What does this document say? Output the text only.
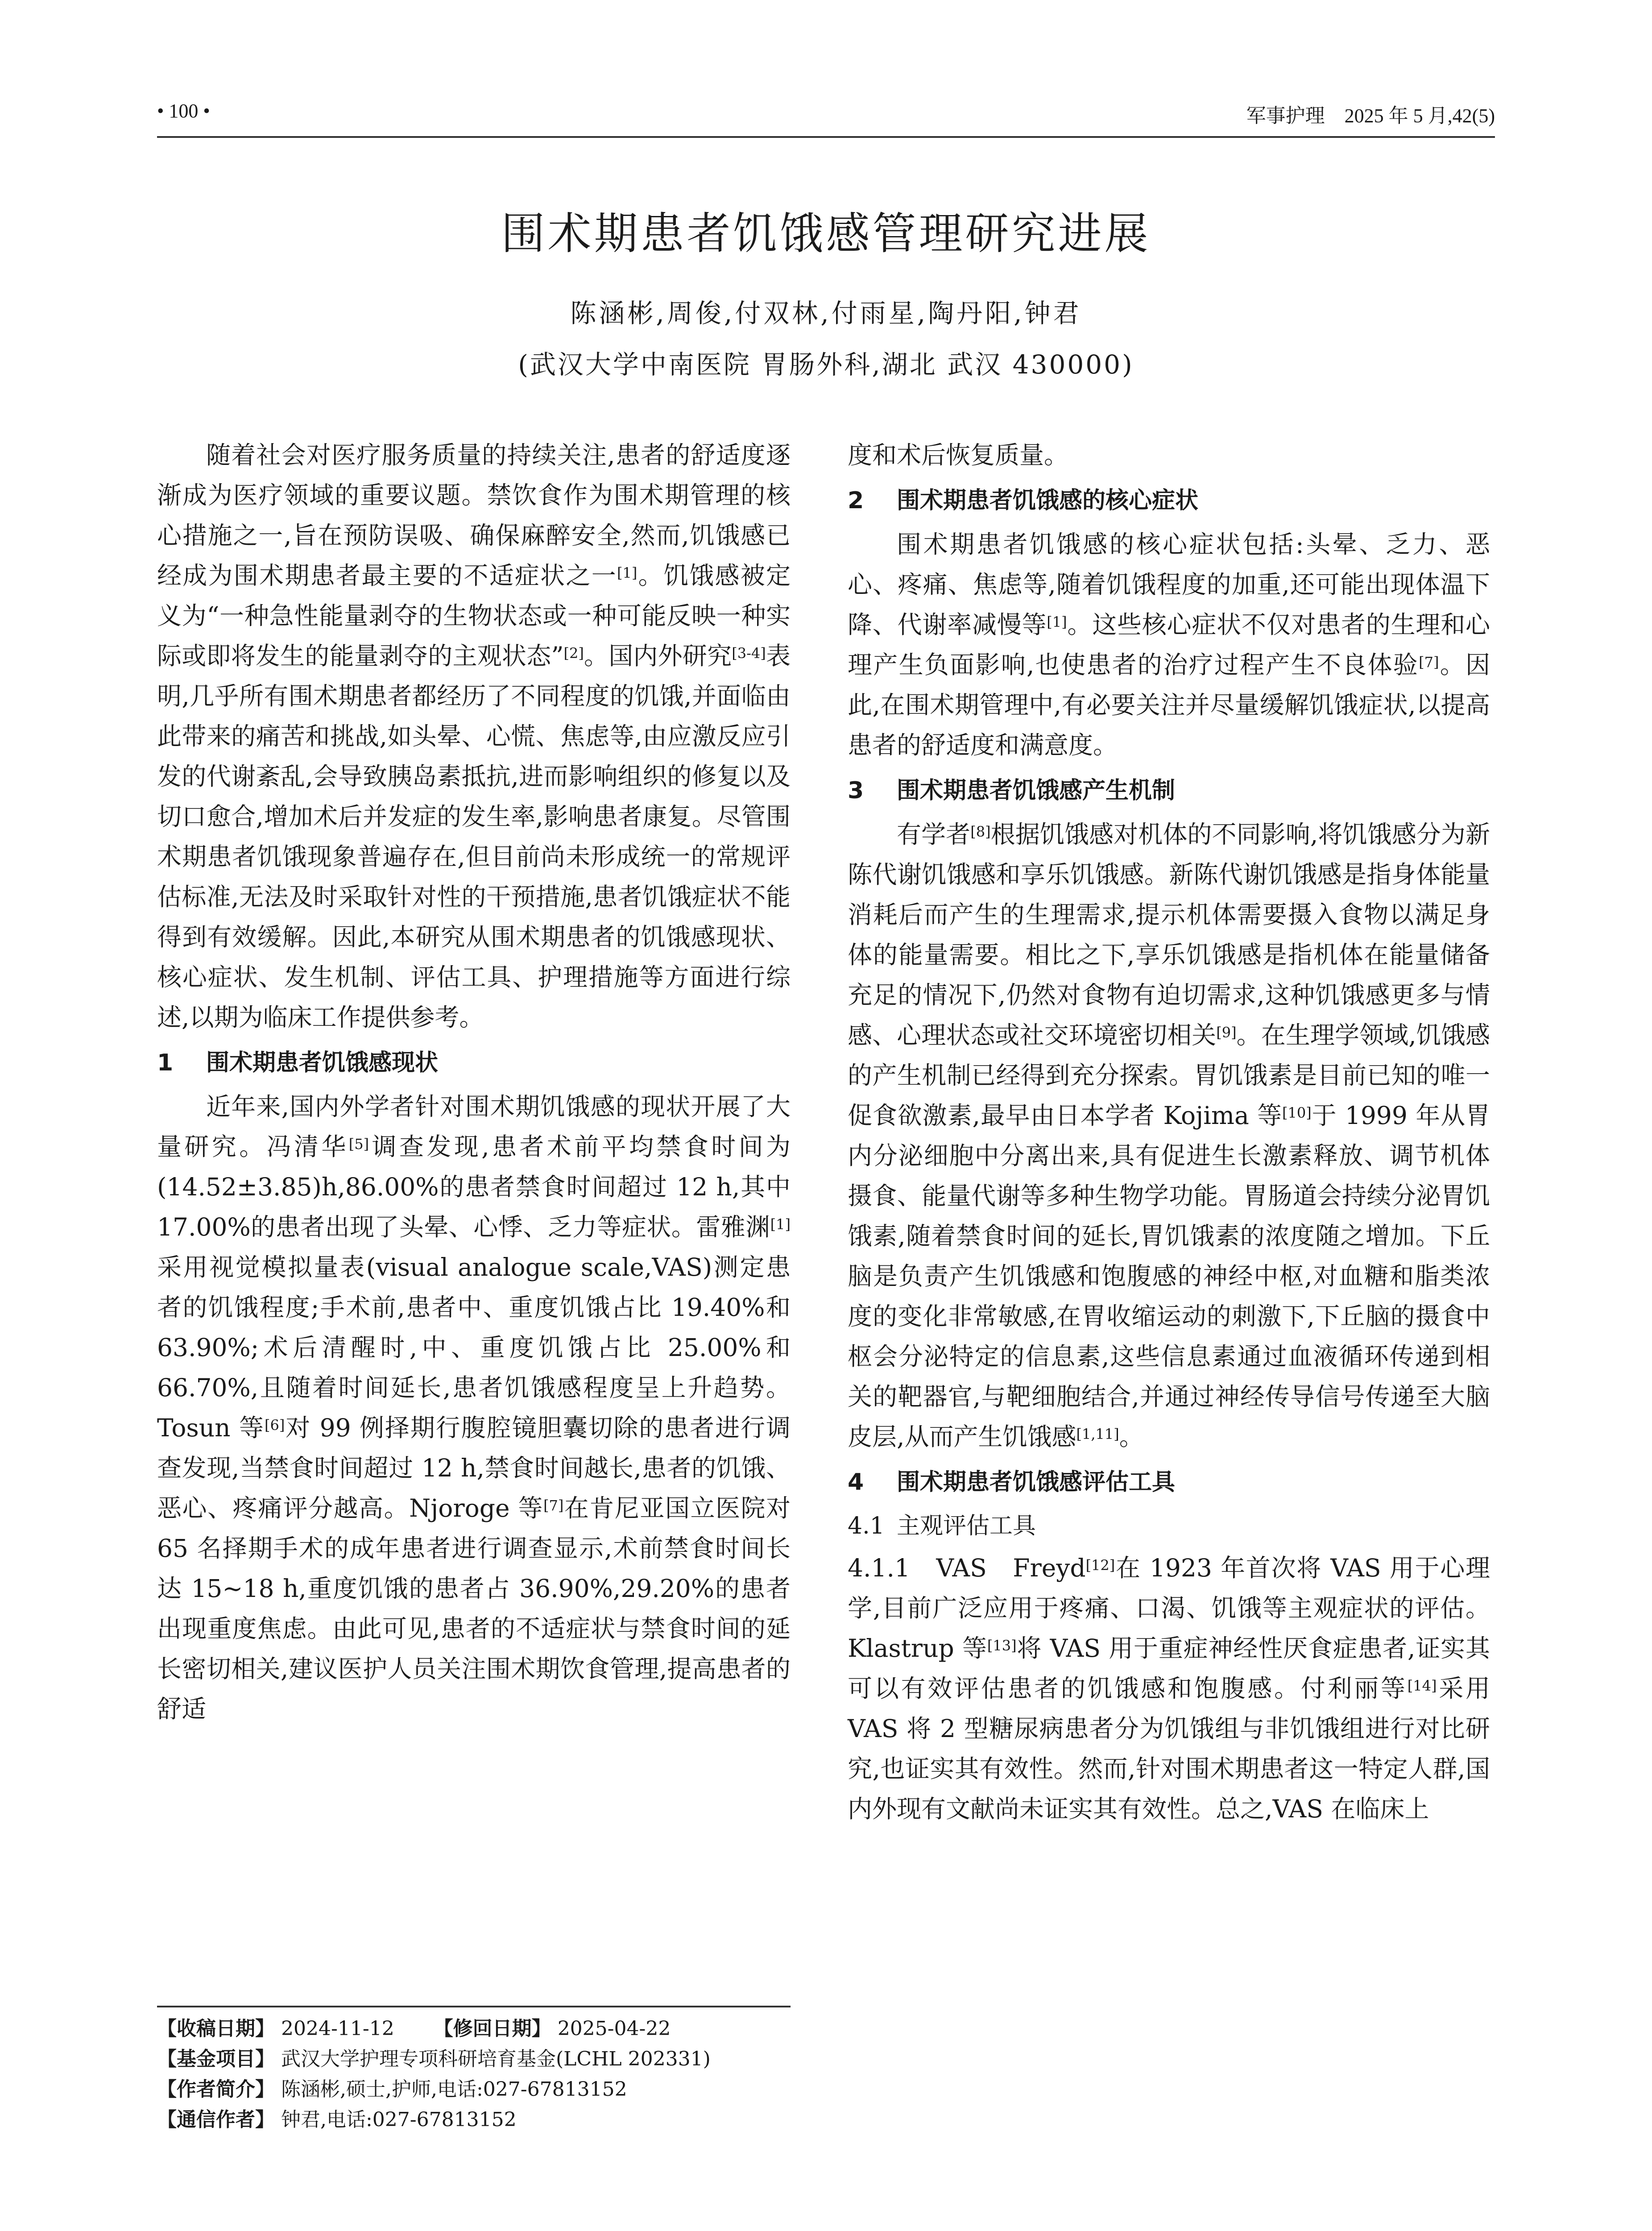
• 100 •	军事护理　2025 年 5 月,42(5)
围术期患者饥饿感管理研究进展
陈涵彬,周俊,付双林,付雨星,陶丹阳,钟君
(武汉大学中南医院 胃肠外科,湖北 武汉 430000)

随着社会对医疗服务质量的持续关注,患者的舒适度逐渐成为医疗领域的重要议题。禁饮食作为围术期管理的核心措施之一,旨在预防误吸、确保麻醉安全,然而,饥饿感已经成为围术期患者最主要的不适症状之一[1]。饥饿感被定义为“一种急性能量剥夺的生物状态或一种可能反映一种实际或即将发生的能量剥夺的主观状态”[2]。国内外研究[3-4]表明,几乎所有围术期患者都经历了不同程度的饥饿,并面临由此带来的痛苦和挑战,如头晕、心慌、焦虑等,由应激反应引发的代谢紊乱,会导致胰岛素抵抗,进而影响组织的修复以及切口愈合,增加术后并发症的发生率,影响患者康复。尽管围术期患者饥饿现象普遍存在,但目前尚未形成统一的常规评估标准,无法及时采取针对性的干预措施,患者饥饿症状不能得到有效缓解。因此,本研究从围术期患者的饥饿感现状、核心症状、发生机制、评估工具、护理措施等方面进行综述,以期为临床工作提供参考。

1 围术期患者饥饿感现状

近年来,国内外学者针对围术期饥饿感的现状开展了大量研究。冯清华[5]调查发现,患者术前平均禁食时间为(14.52±3.85)h,86.00%的患者禁食时间超过 12 h,其中 17.00%的患者出现了头晕、心悸、乏力等症状。雷雅渊[1]采用视觉模拟量表(visual analogue scale,VAS)测定患者的饥饿程度;手术前,患者中、重度饥饿占比 19.40%和 63.90%;术后清醒时,中、重度饥饿占比 25.00%和 66.70%,且随着时间延长,患者饥饿感程度呈上升趋势。Tosun 等[6]对 99 例择期行腹腔镜胆囊切除的患者进行调查发现,当禁食时间超过 12 h,禁食时间越长,患者的饥饿、恶心、疼痛评分越高。Njoroge 等[7]在肯尼亚国立医院对 65 名择期手术的成年患者进行调查显示,术前禁食时间长达 15~18 h,重度饥饿的患者占 36.90%,29.20%的患者出现重度焦虑。由此可见,患者的不适症状与禁食时间的延长密切相关,建议医护人员关注围术期饮食管理,提高患者的舒适

度和术后恢复质量。

2 围术期患者饥饿感的核心症状

围术期患者饥饿感的核心症状包括:头晕、乏力、恶心、疼痛、焦虑等,随着饥饿程度的加重,还可能出现体温下降、代谢率减慢等[1]。这些核心症状不仅对患者的生理和心理产生负面影响,也使患者的治疗过程产生不良体验[7]。因此,在围术期管理中,有必要关注并尽量缓解饥饿症状,以提高患者的舒适度和满意度。

3 围术期患者饥饿感产生机制

有学者[8]根据饥饿感对机体的不同影响,将饥饿感分为新陈代谢饥饿感和享乐饥饿感。新陈代谢饥饿感是指身体能量消耗后而产生的生理需求,提示机体需要摄入食物以满足身体的能量需要。相比之下,享乐饥饿感是指机体在能量储备充足的情况下,仍然对食物有迫切需求,这种饥饿感更多与情感、心理状态或社交环境密切相关[9]。在生理学领域,饥饿感的产生机制已经得到充分探索。胃饥饿素是目前已知的唯一促食欲激素,最早由日本学者 Kojima 等[10]于 1999 年从胃内分泌细胞中分离出来,具有促进生长激素释放、调节机体摄食、能量代谢等多种生物学功能。胃肠道会持续分泌胃饥饿素,随着禁食时间的延长,胃饥饿素的浓度随之增加。下丘脑是负责产生饥饿感和饱腹感的神经中枢,对血糖和脂类浓度的变化非常敏感,在胃收缩运动的刺激下,下丘脑的摄食中枢会分泌特定的信息素,这些信息素通过血液循环传递到相关的靶器官,与靶细胞结合,并通过神经传导信号传递至大脑皮层,从而产生饥饿感[1,11]。

4 围术期患者饥饿感评估工具
4.1 主观评估工具

4.1.1　 VAS　 Freyd[12]在 1923 年首次将 VAS 用于心理学,目前广泛应用于疼痛、口渴、饥饿等主观症状的评估。Klastrup 等[13]将 VAS 用于重症神经性厌食症患者,证实其可以有效评估患者的饥饿感和饱腹感。付利丽等[14]采用 VAS 将 2 型糖尿病患者分为饥饿组与非饥饿组进行对比研究,也证实其有效性。然而,针对围术期患者这一特定人群,国内外现有文献尚未证实其有效性。总之,VAS 在临床上

【收稿日期】 2024-11-12 【修回日期】 2025-04-22
【基金项目】 武汉大学护理专项科研培育基金(LCHL 202331)
【作者简介】 陈涵彬,硕士,护师,电话:027-67813152
【通信作者】 钟君,电话:027-67813152
